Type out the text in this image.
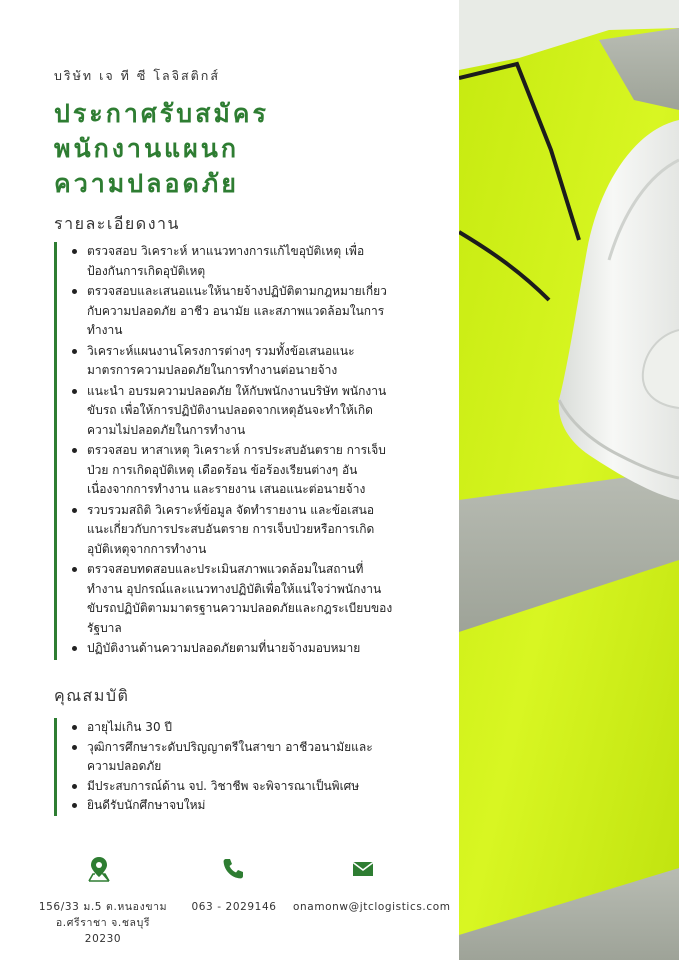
บริษัท เจ ที ซี โลจิสติกส์
ประกาศรับสมัคร
พนักงานแผนก
ความปลอดภัย
รายละเอียดงาน
ตรวจสอบ วิเคราะห์ หาแนวทางการแก้ไขอุบัติเหตุ เพื่อป้องกันการเกิดอุบัติเหตุ
ตรวจสอบและเสนอแนะให้นายจ้างปฏิบัติตามกฎหมายเกี่ยวกับความปลอดภัย อาชีว อนามัย และสภาพแวดล้อมในการทำงาน
วิเคราะห์แผนงานโครงการต่างๆ รวมทั้งข้อเสนอแนะมาตรการความปลอดภัยในการทำงานต่อนายจ้าง
แนะนำ อบรมความปลอดภัย ให้กับพนักงานบริษัท พนักงานขับรถ เพื่อให้การปฏิบัติงานปลอดจากเหตุอันจะทำให้เกิดความไม่ปลอดภัยในการทำงาน
ตรวจสอบ หาสาเหตุ วิเคราะห์ การประสบอันตราย การเจ็บป่วย การเกิดอุบัติเหตุ เดือดร้อน ข้อร้องเรียนต่างๆ อันเนื่องจากการทำงาน และรายงาน เสนอแนะต่อนายจ้าง
รวบรวมสถิติ วิเคราะห์ข้อมูล จัดทำรายงาน และข้อเสนอแนะเกี่ยวกับการประสบอันตราย การเจ็บป่วยหรือการเกิดอุบัติเหตุจากการทำงาน
ตรวจสอบทดสอบและประเมินสภาพแวดล้อมในสถานที่ทำงาน อุปกรณ์และแนวทางปฏิบัติเพื่อให้แน่ใจว่าพนักงานขับรถปฏิบัติตามมาตรฐานความปลอดภัยและกฎระเบียบของรัฐบาล
ปฏิบัติงานด้านความปลอดภัยตามที่นายจ้างมอบหมาย
คุณสมบัติ
อายุไม่เกิน 30 ปี
วุฒิการศึกษาระดับปริญญาตรีในสาขา อาชีวอนามัยและความปลอดภัย
มีประสบการณ์ด้าน จป. วิชาชีพ จะพิจารณาเป็นพิเศษ
ยินดีรับนักศึกษาจบใหม่
156/33 ม.5 ต.หนองขาม
อ.ศรีราชา จ.ชลบุรี 20230
063 - 2029146	onamonw@jtclogistics.com
